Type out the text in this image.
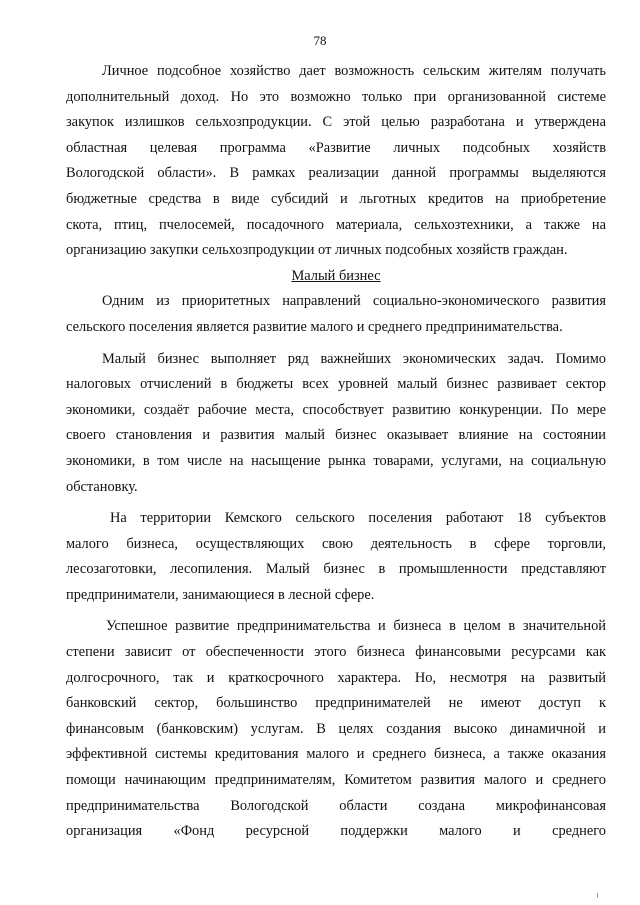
78
Личное подсобное хозяйство дает возможность сельским жителям получать
дополнительный доход. Но это возможно только при организованной системе
закупок излишков сельхозпродукции. С этой целью разработана и утверждена
областная целевая программа «Развитие личных подсобных хозяйств
Вологодской области». В рамках реализации данной программы выделяются
бюджетные средства в виде субсидий и льготных кредитов на приобретение
скота, птиц, пчелосемей, посадочного материала, сельхозтехники, а также на
организацию закупки сельхозпродукции от личных подсобных хозяйств граждан.
Малый бизнес
Одним из приоритетных направлений социально-экономического развития
сельского поселения является развитие малого и среднего предпринимательства.
Малый бизнес выполняет ряд важнейших экономических задач. Помимо
налоговых отчислений в бюджеты всех уровней малый бизнес развивает сектор
экономики, создаёт рабочие места, способствует развитию конкуренции. По мере
своего становления и развития малый бизнес оказывает влияние на состоянии
экономики, в том числе на насыщение рынка товарами, услугами, на социальную
обстановку.
На территории Кемского сельского поселения работают 18 субъектов
малого бизнеса, осуществляющих свою деятельность в сфере торговли,
лесозаготовки, лесопиления. Малый бизнес в промышленности представляют
предприниматели, занимающиеся в лесной сфере.
Успешное развитие предпринимательства и бизнеса в целом в значительной
степени зависит от обеспеченности этого бизнеса финансовыми ресурсами как
долгосрочного, так и краткосрочного характера. Но, несмотря на развитый
банковский сектор, большинство предпринимателей не имеют доступ к
финансовым (банковским) услугам. В целях создания высоко динамичной и
эффективной системы кредитования малого и среднего бизнеса, а также оказания
помощи начинающим предпринимателям, Комитетом развития малого и среднего
предпринимательства Вологодской области создана микрофинансовая
организация «Фонд ресурсной поддержки малого и среднего
